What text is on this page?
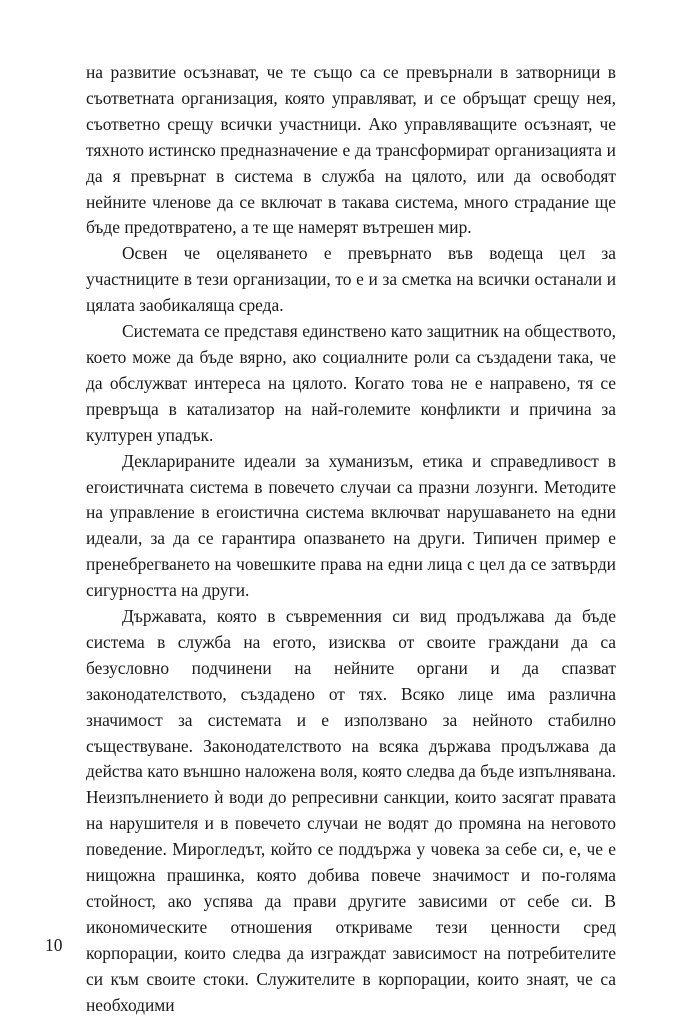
на развитие осъзнават, че те също са се превърнали в затворници в съответната организация, която управляват, и се обръщат срещу нея, съответно срещу всички участници. Ако управляващите осъзнаят, че тяхното истинско предназначение е да трансформират организацията и да я превърнат в система в служба на цялото, или да освободят нейните членове да се включат в такава система, много страдание ще бъде предотвратено, а те ще намерят вътрешен мир.

Освен че оцеляването е превърнато във водеща цел за участниците в тези организации, то е и за сметка на всички останали и цялата заобикаляща среда.

Системата се представя единствено като защитник на обществото, което може да бъде вярно, ако социалните роли са създадени така, че да обслужват интереса на цялото. Когато това не е направено, тя се превръща в катализатор на най-големите конфликти и причина за културен упадък.

Декларираните идеали за хуманизъм, етика и справедливост в егоистичната система в повечето случаи са празни лозунги. Методите на управление в егоистична система включват нарушаването на едни идеали, за да се гарантира опазването на други. Типичен пример е пренебрегването на човешките права на едни лица с цел да се затвърди сигурността на други.

Държавата, която в съвременния си вид продължава да бъде система в служба на егото, изисква от своите граждани да са безусловно подчинени на нейните органи и да спазват законодателството, създадено от тях. Всяко лице има различна значимост за системата и е използвано за нейното стабилно съществуване. Законодателството на всяка държава продължава да действа като външно наложена воля, която следва да бъде изпълнявана. Неизпълнението ѝ води до репресивни санкции, които засягат правата на нарушителя и в повечето случаи не водят до промяна на неговото поведение. Мирогледът, който се поддържа у човека за себе си, е, че е нищожна прашинка, която добива повече значимост и по-голяма стойност, ако успява да прави другите зависими от себе си. В икономическите отношения откриваме тези ценности сред корпорации, които следва да изграждат зависимост на потребителите си към своите стоки. Служителите в корпорации, които знаят, че са необходими

10
